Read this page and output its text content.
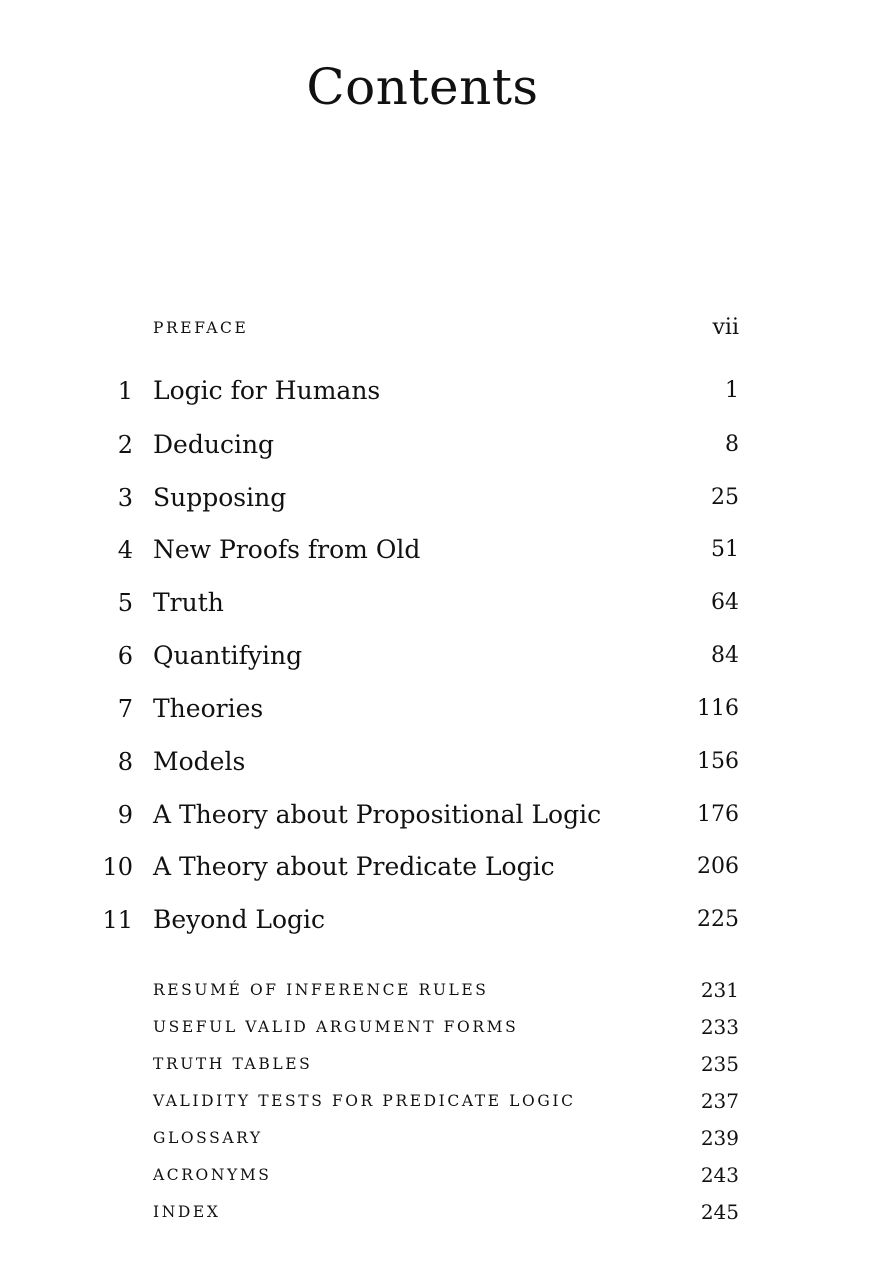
Contents
PREFACE	vii
1 Logic for Humans	1
2 Deducing	8
3 Supposing	25
4 New Proofs from Old	51
5 Truth	64
6 Quantifying	84
7 Theories	116
8 Models	156
9 A Theory about Propositional Logic	176
10 A Theory about Predicate Logic	206
11 Beyond Logic	225
RESUMÉ OF INFERENCE RULES	231
USEFUL VALID ARGUMENT FORMS	233
TRUTH TABLES	235
VALIDITY TESTS FOR PREDICATE LOGIC	237
GLOSSARY	239
ACRONYMS	243
INDEX	245
